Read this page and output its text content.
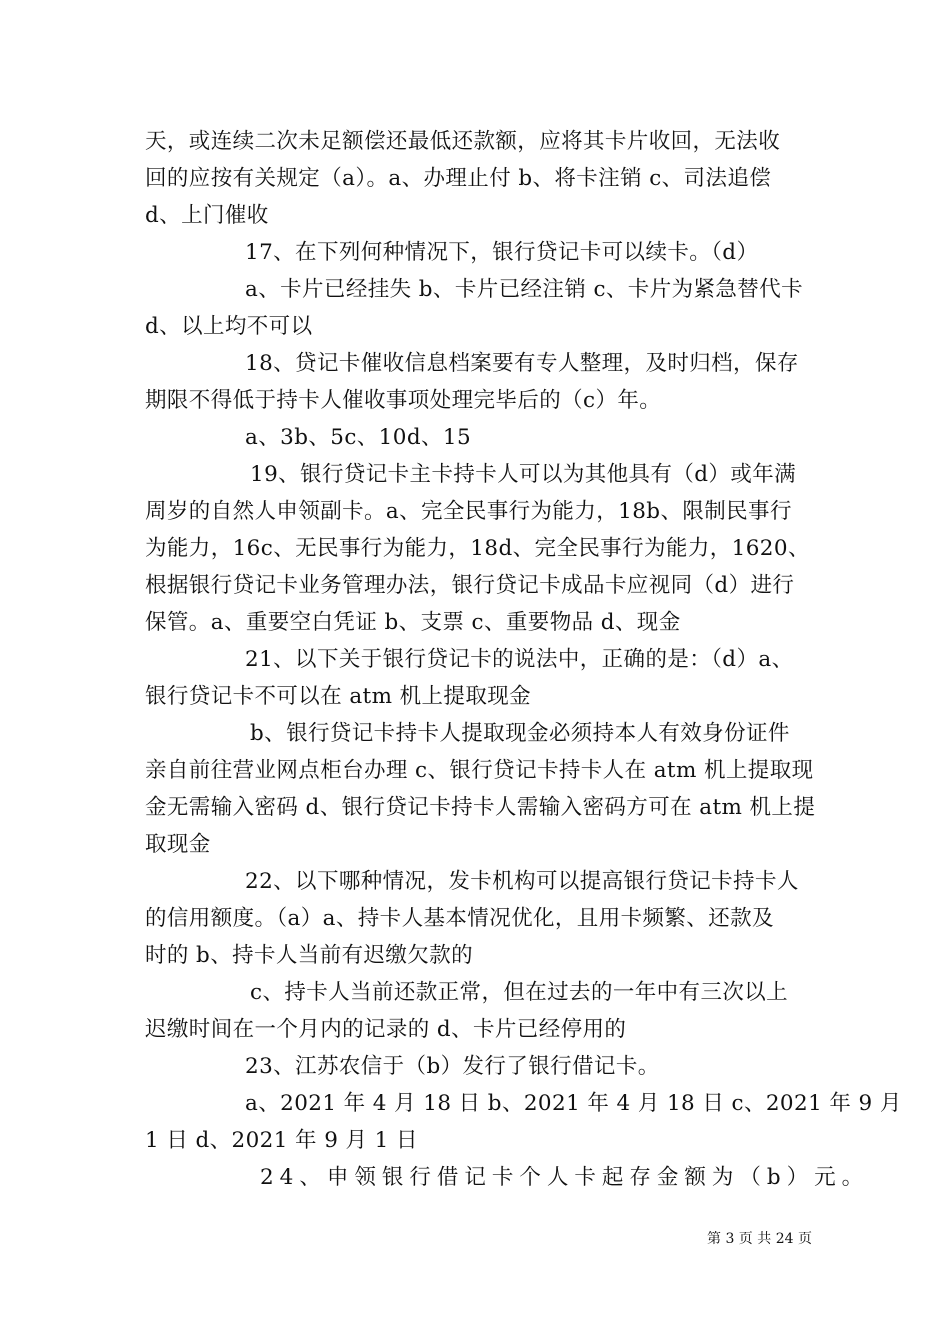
天，或连续二次未足额偿还最低还款额，应将其卡片收回，无法收
回的应按有关规定（a）。a、办理止付 b、将卡注销 c、司法追偿
d、上门催收
17、在下列何种情况下，银行贷记卡可以续卡。（d）
a、卡片已经挂失 b、卡片已经注销 c、卡片为紧急替代卡
d、以上均不可以
18、贷记卡催收信息档案要有专人整理，及时归档，保存
期限不得低于持卡人催收事项处理完毕后的（c）年。
a、3b、5c、10d、15
19、银行贷记卡主卡持卡人可以为其他具有（d）或年满
周岁的自然人申领副卡。a、完全民事行为能力，18b、限制民事行
为能力，16c、无民事行为能力，18d、完全民事行为能力，1620、
根据银行贷记卡业务管理办法，银行贷记卡成品卡应视同（d）进行
保管。a、重要空白凭证 b、支票 c、重要物品 d、现金
21、以下关于银行贷记卡的说法中，正确的是：（d）a、
银行贷记卡不可以在 atm 机上提取现金
b、银行贷记卡持卡人提取现金必须持本人有效身份证件
亲自前往营业网点柜台办理 c、银行贷记卡持卡人在 atm 机上提取现
金无需输入密码 d、银行贷记卡持卡人需输入密码方可在 atm 机上提
取现金
22、以下哪种情况，发卡机构可以提高银行贷记卡持卡人
的信用额度。（a）a、持卡人基本情况优化，且用卡频繁、还款及
时的 b、持卡人当前有迟缴欠款的
c、持卡人当前还款正常，但在过去的一年中有三次以上
迟缴时间在一个月内的记录的 d、卡片已经停用的
23、江苏农信于（b）发行了银行借记卡。
a、2021 年 4 月 18 日 b、2021 年 4 月 18 日 c、2021 年 9 月
1 日 d、2021 年 9 月 1 日
24、申领银行借记卡个人卡起存金额为（b）元。
第 3 页 共 24 页
